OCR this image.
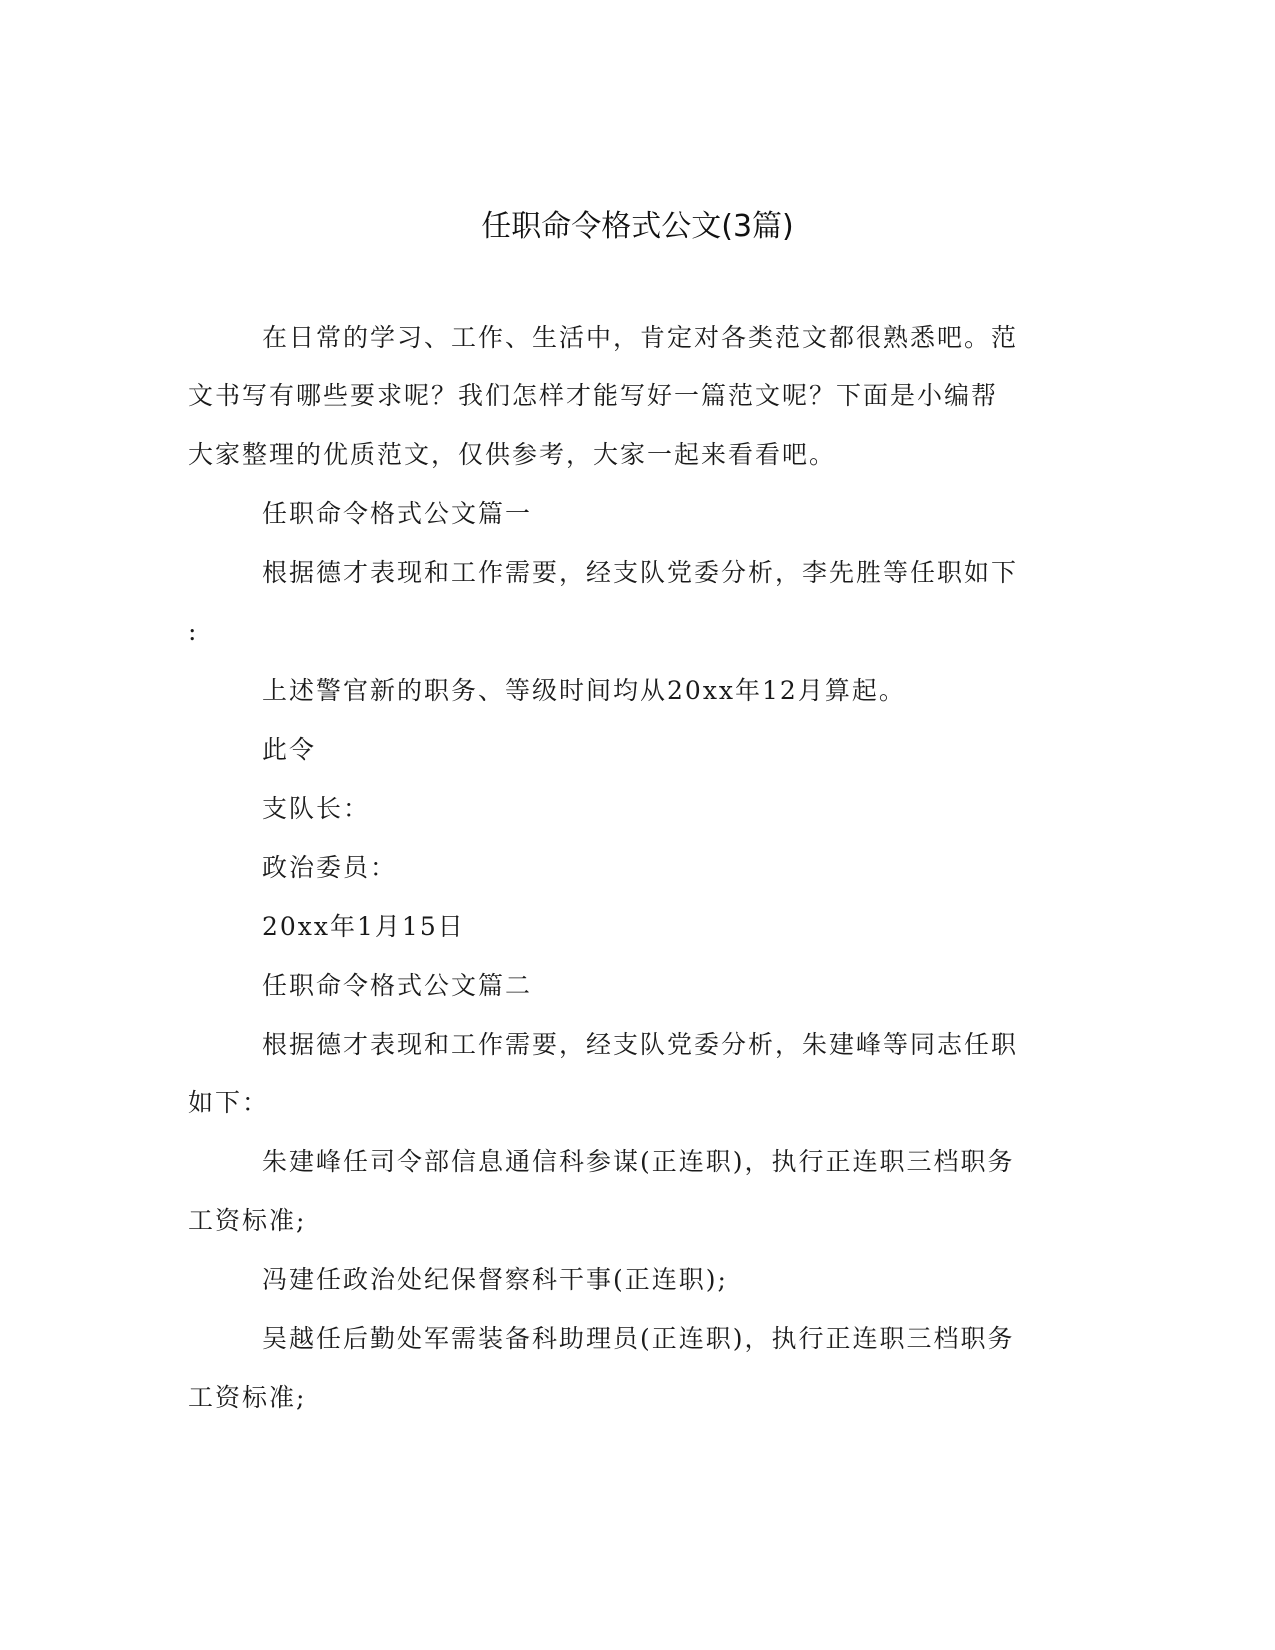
任职命令格式公文(3篇)
在日常的学习、工作、生活中，肯定对各类范文都很熟悉吧。范
文书写有哪些要求呢？我们怎样才能写好一篇范文呢？下面是小编帮
大家整理的优质范文，仅供参考，大家一起来看看吧。
任职命令格式公文篇一
根据德才表现和工作需要，经支队党委分析，李先胜等任职如下
:
上述警官新的职务、等级时间均从20xx年12月算起。
此令
支队长：
政治委员：
20xx年1月15日
任职命令格式公文篇二
根据德才表现和工作需要，经支队党委分析，朱建峰等同志任职
如下：
朱建峰任司令部信息通信科参谋(正连职)，执行正连职三档职务
工资标准;
冯建任政治处纪保督察科干事(正连职);
吴越任后勤处军需装备科助理员(正连职)，执行正连职三档职务
工资标准;
